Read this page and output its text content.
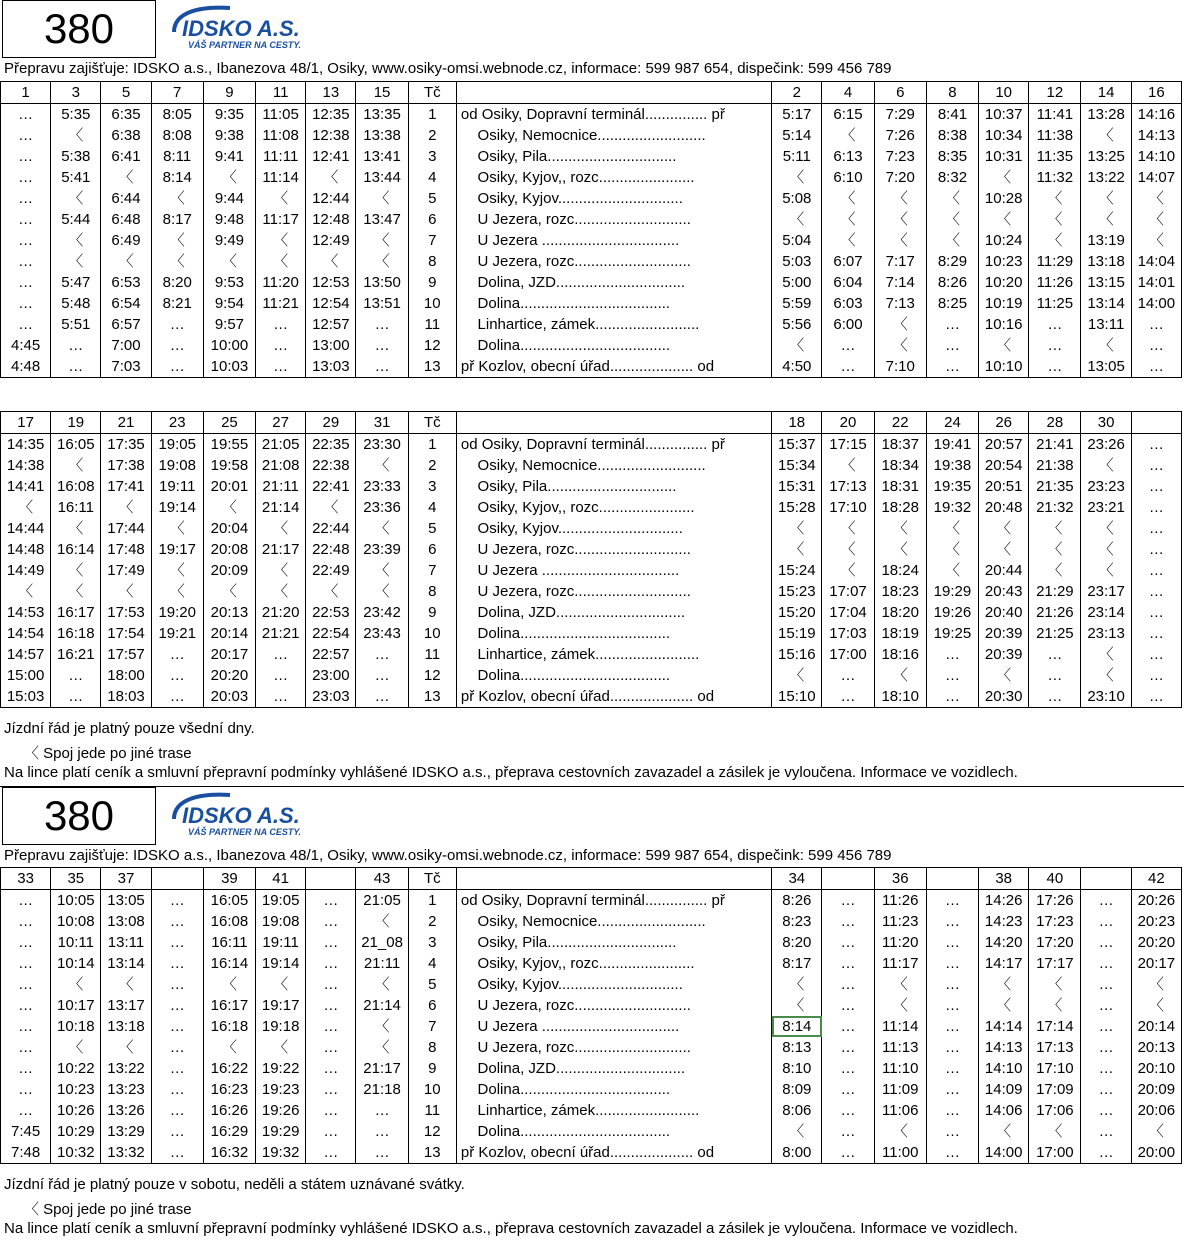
380	IDSKO A.S.
VÁŠ PARTNER NA CESTY.
Přepravu zajišťuje: IDSKO a.s., Ibanezova 48/1, Osiky, www.osiky-omsi.webnode.cz, informace: 599 987 654, dispečink: 599 456 789
1	3	5	7	9	11	13	15	Tč		2	4	6	8	10	12	14	16
…	5:35	6:35	8:05	9:35	11:05	12:35	13:35	1	od Osiky, Dopravní terminál............... př	5:17	6:15	7:29	8:41	10:37	11:41	13:28	14:16
…	〈	6:38	8:08	9:38	11:08	12:38	13:38	2	Osiky, Nemocnice..........................	5:14	〈	7:26	8:38	10:34	11:38	〈	14:13
…	5:38	6:41	8:11	9:41	11:11	12:41	13:41	3	Osiky, Pila...............................	5:11	6:13	7:23	8:35	10:31	11:35	13:25	14:10
…	5:41	〈	8:14	〈	11:14	〈	13:44	4	Osiky, Kyjov,, rozc.......................	〈	6:10	7:20	8:32	〈	11:32	13:22	14:07
…	〈	6:44	〈	9:44	〈	12:44	〈	5	Osiky, Kyjov..............................	5:08	〈	〈	〈	10:28	〈	〈	〈
…	5:44	6:48	8:17	9:48	11:17	12:48	13:47	6	U Jezera, rozc............................	〈	〈	〈	〈	〈	〈	〈	〈
…	〈	6:49	〈	9:49	〈	12:49	〈	7	U Jezera .................................	5:04	〈	〈	〈	10:24	〈	13:19	〈
…	〈	〈	〈	〈	〈	〈	〈	8	U Jezera, rozc............................	5:03	6:07	7:17	8:29	10:23	11:29	13:18	14:04
…	5:47	6:53	8:20	9:53	11:20	12:53	13:50	9	Dolina, JZD...............................	5:00	6:04	7:14	8:26	10:20	11:26	13:15	14:01
…	5:48	6:54	8:21	9:54	11:21	12:54	13:51	10	Dolina....................................	5:59	6:03	7:13	8:25	10:19	11:25	13:14	14:00
…	5:51	6:57	…	9:57	…	12:57	…	11	Linhartice, zámek.........................	5:56	6:00	〈	…	10:16	…	13:11	…
4:45	…	7:00	…	10:00	…	13:00	…	12	Dolina....................................	〈	…	〈	…	〈	…	〈	…
4:48	…	7:03	…	10:03	…	13:03	…	13	př Kozlov, obecní úřad.................... od	4:50	…	7:10	…	10:10	…	13:05	…
17	19	21	23	25	27	29	31	Tč		18	20	22	24	26	28	30	
14:35	16:05	17:35	19:05	19:55	21:05	22:35	23:30	1	od Osiky, Dopravní terminál............... př	15:37	17:15	18:37	19:41	20:57	21:41	23:26	…
14:38	〈	17:38	19:08	19:58	21:08	22:38	〈	2	Osiky, Nemocnice..........................	15:34	〈	18:34	19:38	20:54	21:38	〈	…
14:41	16:08	17:41	19:11	20:01	21:11	22:41	23:33	3	Osiky, Pila...............................	15:31	17:13	18:31	19:35	20:51	21:35	23:23	…
〈	16:11	〈	19:14	〈	21:14	〈	23:36	4	Osiky, Kyjov,, rozc.......................	15:28	17:10	18:28	19:32	20:48	21:32	23:21	…
14:44	〈	17:44	〈	20:04	〈	22:44	〈	5	Osiky, Kyjov..............................	〈	〈	〈	〈	〈	〈	〈	…
14:48	16:14	17:48	19:17	20:08	21:17	22:48	23:39	6	U Jezera, rozc............................	〈	〈	〈	〈	〈	〈	〈	…
14:49	〈	17:49	〈	20:09	〈	22:49	〈	7	U Jezera .................................	15:24	〈	18:24	〈	20:44	〈	〈	…
〈	〈	〈	〈	〈	〈	〈	〈	8	U Jezera, rozc............................	15:23	17:07	18:23	19:29	20:43	21:29	23:17	…
14:53	16:17	17:53	19:20	20:13	21:20	22:53	23:42	9	Dolina, JZD...............................	15:20	17:04	18:20	19:26	20:40	21:26	23:14	…
14:54	16:18	17:54	19:21	20:14	21:21	22:54	23:43	10	Dolina....................................	15:19	17:03	18:19	19:25	20:39	21:25	23:13	…
14:57	16:21	17:57	…	20:17	…	22:57	…	11	Linhartice, zámek.........................	15:16	17:00	18:16	…	20:39	…	〈	…
15:00	…	18:00	…	20:20	…	23:00	…	12	Dolina....................................	〈	…	〈	…	〈	…	〈	…
15:03	…	18:03	…	20:03	…	23:03	…	13	př Kozlov, obecní úřad.................... od	15:10	…	18:10	…	20:30	…	23:10	…
Jízdní řád je platný pouze všední dny.
〈 Spoj jede po jiné trase
Na lince platí ceník a smluvní přepravní podmínky vyhlášené IDSKO a.s., přeprava cestovních zavazadel a zásilek je vyloučena. Informace ve vozidlech.
380	IDSKO A.S.
VÁŠ PARTNER NA CESTY.
Přepravu zajišťuje: IDSKO a.s., Ibanezova 48/1, Osiky, www.osiky-omsi.webnode.cz, informace: 599 987 654, dispečink: 599 456 789
33	35	37		39	41		43	Tč		34		36		38	40		42
…	10:05	13:05	…	16:05	19:05	…	21:05	1	od Osiky, Dopravní terminál............... př	8:26	…	11:26	…	14:26	17:26	…	20:26
…	10:08	13:08	…	16:08	19:08	…	〈	2	Osiky, Nemocnice..........................	8:23	…	11:23	…	14:23	17:23	…	20:23
…	10:11	13:11	…	16:11	19:11	…	21_08	3	Osiky, Pila...............................	8:20	…	11:20	…	14:20	17:20	…	20:20
…	10:14	13:14	…	16:14	19:14	…	21:11	4	Osiky, Kyjov,, rozc.......................	8:17	…	11:17	…	14:17	17:17	…	20:17
…	〈	〈	…	〈	〈	…	〈	5	Osiky, Kyjov..............................	〈	…	〈	…	〈	〈	…	〈
…	10:17	13:17	…	16:17	19:17	…	21:14	6	U Jezera, rozc............................	〈	…	〈	…	〈	〈	…	〈
…	10:18	13:18	…	16:18	19:18	…	〈	7	U Jezera .................................	8:14	…	11:14	…	14:14	17:14	…	20:14
…	〈	〈	…	〈	〈	…	〈	8	U Jezera, rozc............................	8:13	…	11:13	…	14:13	17:13	…	20:13
…	10:22	13:22	…	16:22	19:22	…	21:17	9	Dolina, JZD...............................	8:10	…	11:10	…	14:10	17:10	…	20:10
…	10:23	13:23	…	16:23	19:23	…	21:18	10	Dolina....................................	8:09	…	11:09	…	14:09	17:09	…	20:09
…	10:26	13:26	…	16:26	19:26	…	…	11	Linhartice, zámek.........................	8:06	…	11:06	…	14:06	17:06	…	20:06
7:45	10:29	13:29	…	16:29	19:29	…	…	12	Dolina....................................	〈	…	〈	…	〈	〈	…	〈
7:48	10:32	13:32	…	16:32	19:32	…	…	13	př Kozlov, obecní úřad.................... od	8:00	…	11:00	…	14:00	17:00	…	20:00
Jízdní řád je platný pouze v sobotu, neděli a státem uznávané svátky.
〈 Spoj jede po jiné trase
Na lince platí ceník a smluvní přepravní podmínky vyhlášené IDSKO a.s., přeprava cestovních zavazadel a zásilek je vyloučena. Informace ve vozidlech.
